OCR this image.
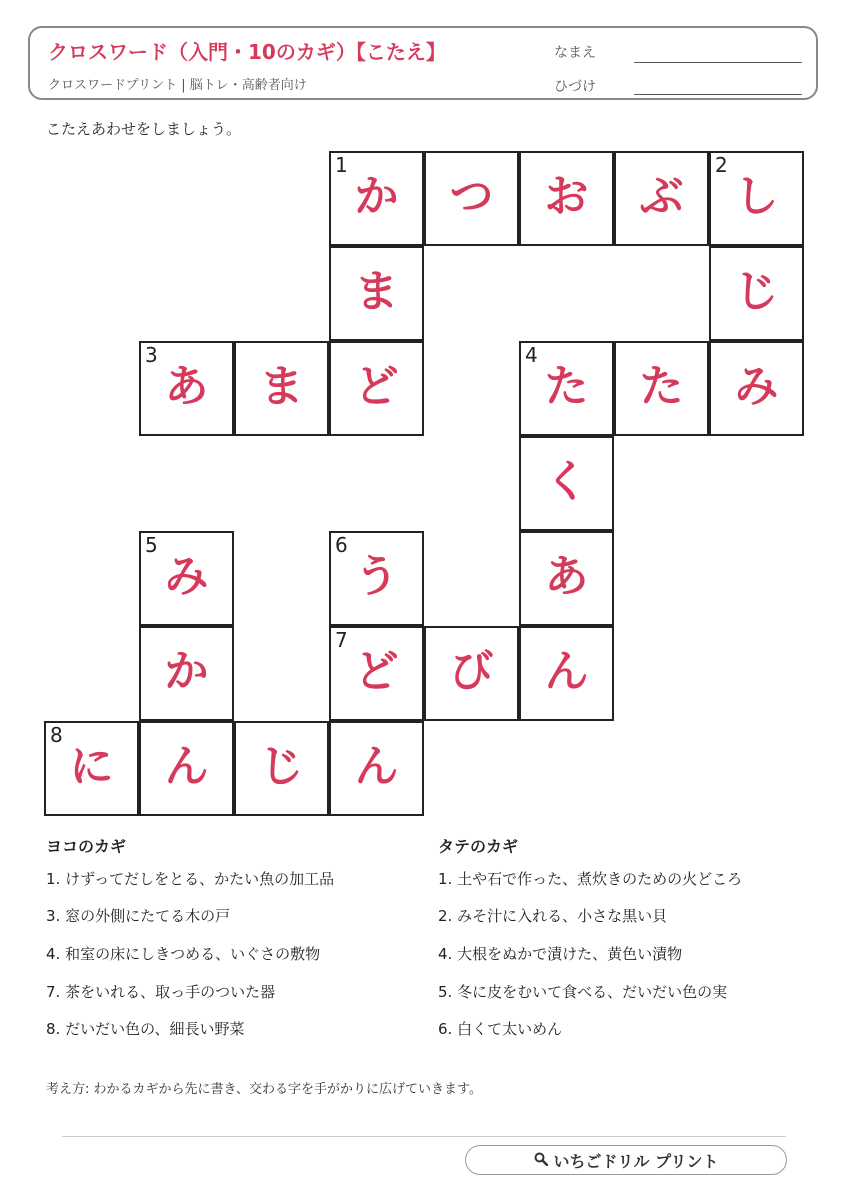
クロスワード（入門・10のカギ）【こたえ】
クロスワードプリント | 脳トレ・高齢者向け
なまえ
ひづけ
こたえあわせをしましょう。
1
か	つ	お	ぶ
2
し
ま	じ
3
あ	ま	ど
4
た	た	み
く
5
み
6
う	あ
か
7
ど	び	ん
8
に	ん	じ	ん
ヨコのカギ
1. けずってだしをとる、かたい魚の加工品
3. 窓の外側にたてる木の戸
4. 和室の床にしきつめる、いぐさの敷物
7. 茶をいれる、取っ手のついた器
8. だいだい色の、細長い野菜
タテのカギ
1. 土や石で作った、煮炊きのための火どころ
2. みそ汁に入れる、小さな黒い貝
4. 大根をぬかで漬けた、黄色い漬物
5. 冬に皮をむいて食べる、だいだい色の実
6. 白くて太いめん
考え方: わかるカギから先に書き、交わる字を手がかりに広げていきます。
いちごドリル プリント
